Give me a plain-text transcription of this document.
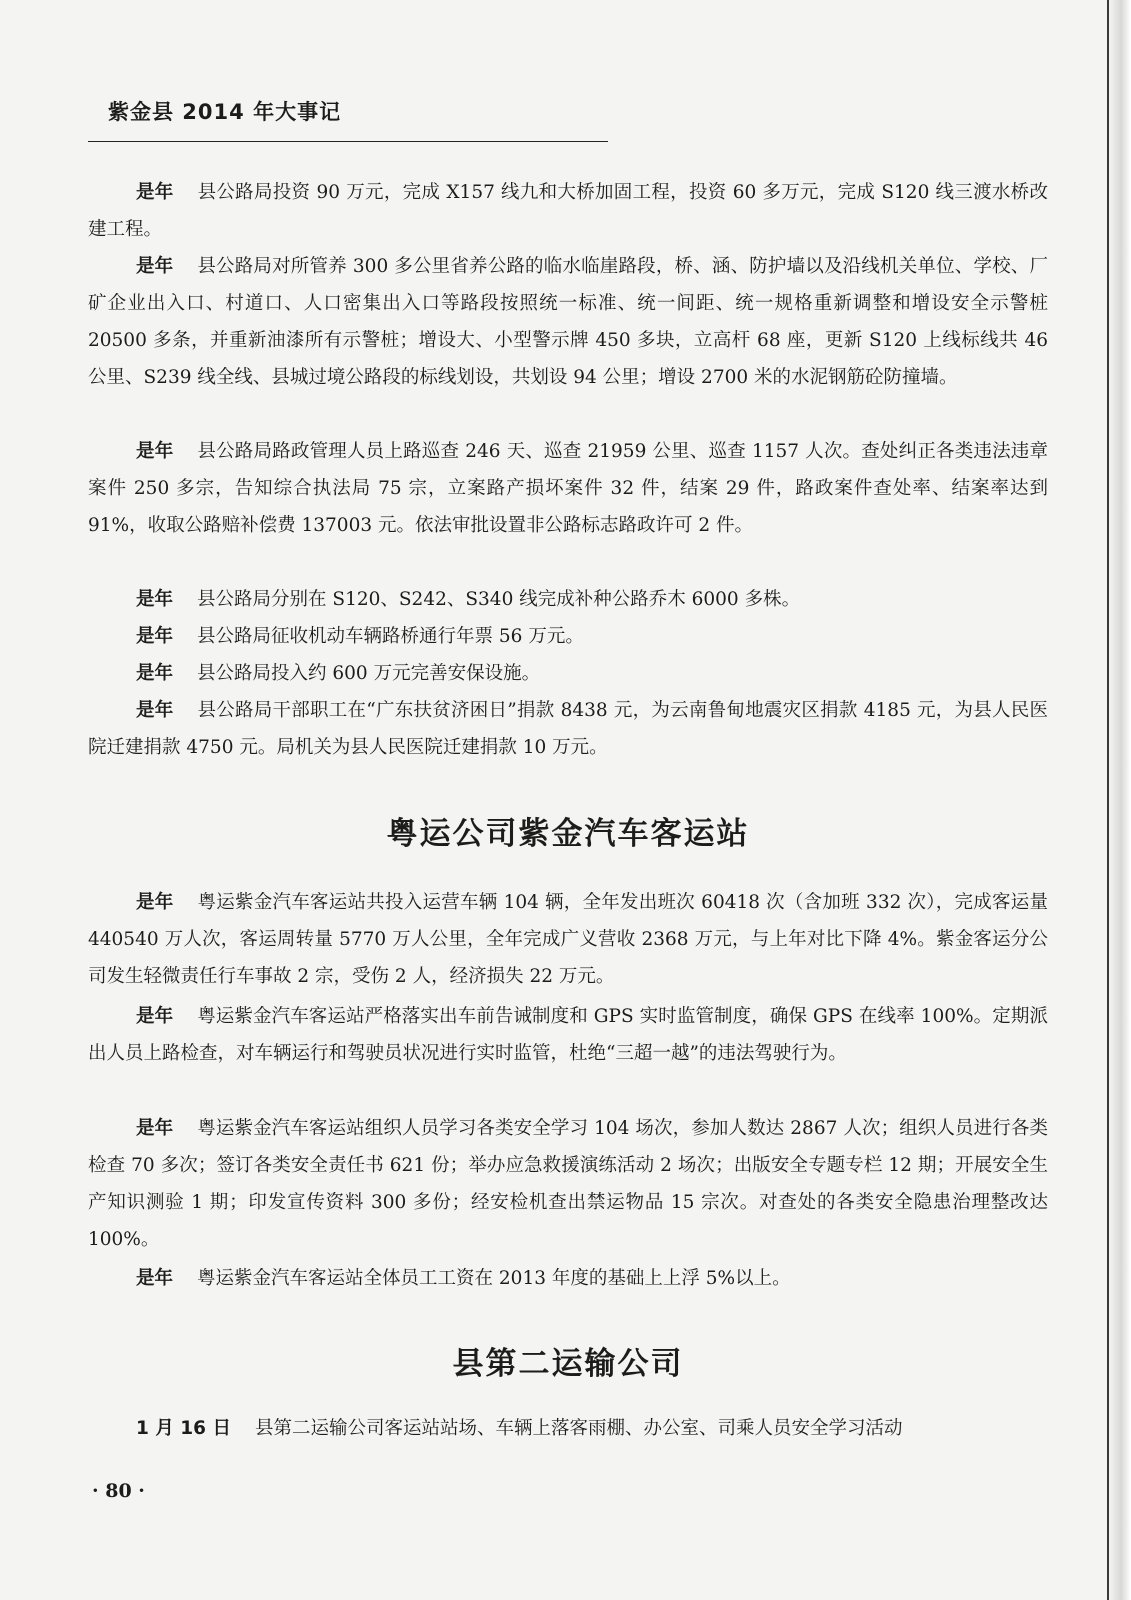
紫金县 2014 年大事记
是年 县公路局投资 90 万元，完成 X157 线九和大桥加固工程，投资 60 多万元，完成 S120 线三渡水桥改建工程。
是年 县公路局对所管养 300 多公里省养公路的临水临崖路段，桥、涵、防护墙以及沿线机关单位、学校、厂矿企业出入口、村道口、人口密集出入口等路段按照统一标准、统一间距、统一规格重新调整和增设安全示警桩 20500 多条，并重新油漆所有示警桩；增设大、小型警示牌 450 多块，立高杆 68 座，更新 S120 上线标线共 46 公里、S239 线全线、县城过境公路段的标线划设，共划设 94 公里；增设 2700 米的水泥钢筋砼防撞墙。
是年 县公路局路政管理人员上路巡查 246 天、巡查 21959 公里、巡查 1157 人次。查处纠正各类违法违章案件 250 多宗，告知综合执法局 75 宗，立案路产损坏案件 32 件，结案 29 件，路政案件查处率、结案率达到 91%，收取公路赔补偿费 137003 元。依法审批设置非公路标志路政许可 2 件。
是年 县公路局分别在 S120、S242、S340 线完成补种公路乔木 6000 多株。
是年 县公路局征收机动车辆路桥通行年票 56 万元。
是年 县公路局投入约 600 万元完善安保设施。
是年 县公路局干部职工在“广东扶贫济困日”捐款 8438 元，为云南鲁甸地震灾区捐款 4185 元，为县人民医院迁建捐款 4750 元。局机关为县人民医院迁建捐款 10 万元。
粤运公司紫金汽车客运站
是年 粤运紫金汽车客运站共投入运营车辆 104 辆，全年发出班次 60418 次（含加班 332 次），完成客运量 440540 万人次，客运周转量 5770 万人公里，全年完成广义营收 2368 万元，与上年对比下降 4%。紫金客运分公司发生轻微责任行车事故 2 宗，受伤 2 人，经济损失 22 万元。
是年 粤运紫金汽车客运站严格落实出车前告诫制度和 GPS 实时监管制度，确保 GPS 在线率 100%。定期派出人员上路检查，对车辆运行和驾驶员状况进行实时监管，杜绝“三超一越”的违法驾驶行为。
是年 粤运紫金汽车客运站组织人员学习各类安全学习 104 场次，参加人数达 2867 人次；组织人员进行各类检查 70 多次；签订各类安全责任书 621 份；举办应急救援演练活动 2 场次；出版安全专题专栏 12 期；开展安全生产知识测验 1 期；印发宣传资料 300 多份；经安检机查出禁运物品 15 宗次。对查处的各类安全隐患治理整改达 100%。
是年 粤运紫金汽车客运站全体员工工资在 2013 年度的基础上上浮 5%以上。
县第二运输公司
1 月 16 日 县第二运输公司客运站站场、车辆上落客雨棚、办公室、司乘人员安全学习活动
· 80 ·
